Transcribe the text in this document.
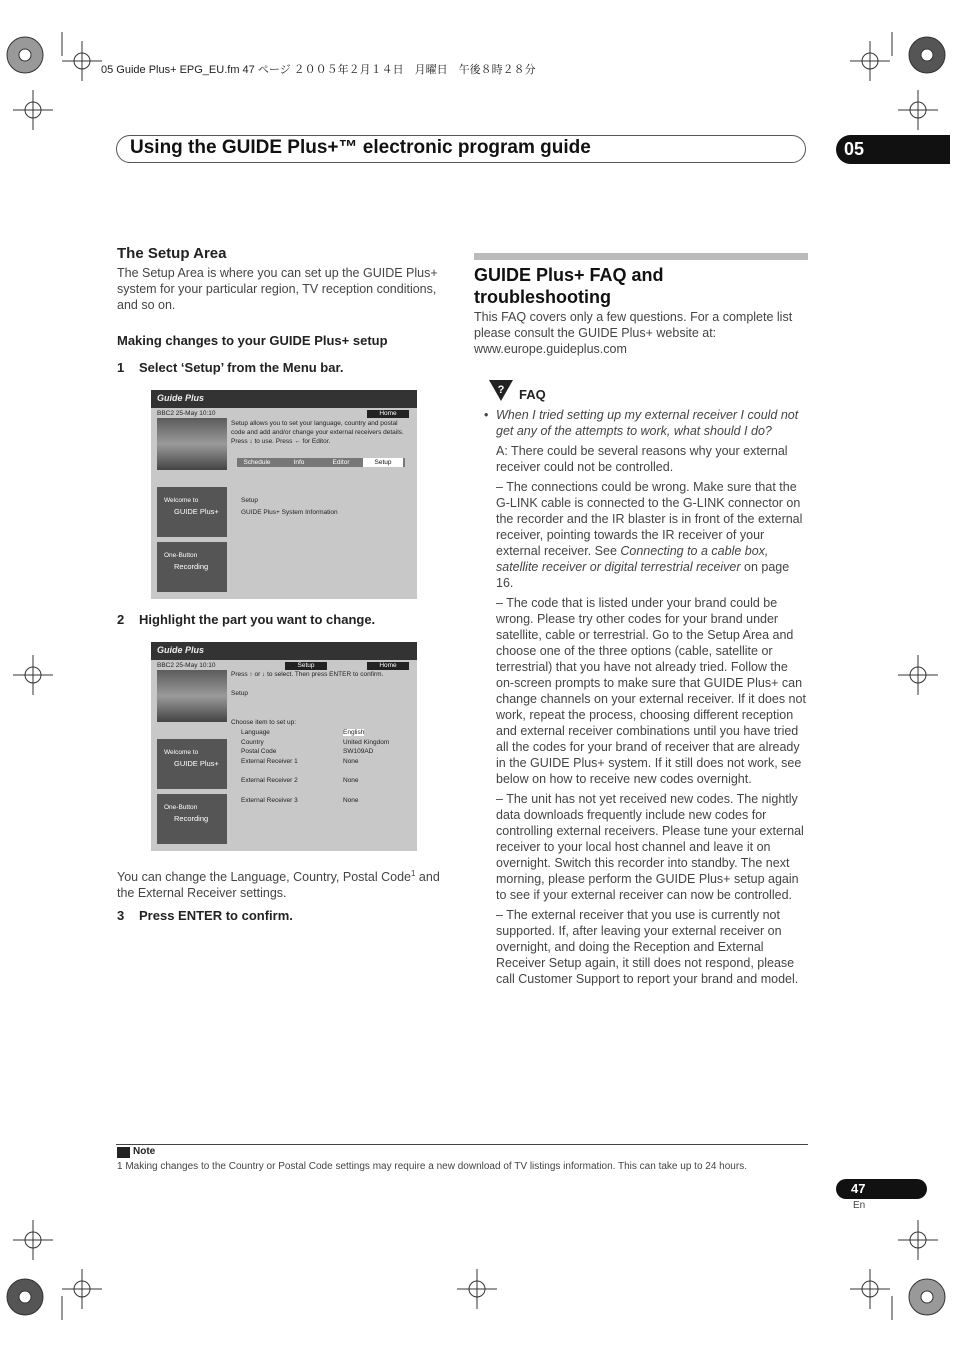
05 Guide Plus+ EPG_EU.fm 47 ページ ２００５年２月１４日　月曜日　午後８時２８分
Using the GUIDE Plus+™ electronic program guide	05
The Setup Area
The Setup Area is where you can set up the GUIDE Plus+ system for your particular region, TV reception conditions, and so on.
Making changes to your GUIDE Plus+ setup
1 Select ‘Setup’ from the Menu bar.
Guide Plus
BBC2 25-May 10:10	Home
Setup allows you to set your language, country and postal code and add and/or change your external receivers details. Press ↓ to use. Press ← for Editor.
Schedule	Info	Editor	Setup
Welcome to
GUIDE Plus+
One-Button
Recording
Setup
GUIDE Plus+ System Information
2 Highlight the part you want to change.
Guide Plus
BBC2 25-May 10:10	Setup	Home
Press ↑ or ↓ to select. Then press ENTER to confirm.
Setup
Choose item to set up:
Language	English
Country	United Kingdom
Postal Code	SW109AD
External Receiver 1	None
External Receiver 2	None
External Receiver 3	None
Welcome to
GUIDE Plus+
One-Button
Recording
You can change the Language, Country, Postal Code$^1$ and the External Receiver settings.
3 Press ENTER to confirm.
GUIDE Plus+ FAQ and troubleshooting
This FAQ covers only a few questions. For a complete list please consult the GUIDE Plus+ website at: www.europe.guideplus.com
? FAQ

• When I tried setting up my external receiver I could not get any of the attempts to work, what should I do?

A: There could be several reasons why your external receiver could not be controlled.

– The connections could be wrong. Make sure that the G-LINK cable is connected to the G-LINK connector on the recorder and the IR blaster is in front of the external receiver, pointing towards the IR receiver of your external receiver. See Connecting to a cable box, satellite receiver or digital terrestrial receiver on page 16.

– The code that is listed under your brand could be wrong. Please try other codes for your brand under satellite, cable or terrestrial. Go to the Setup Area and choose one of the three options (cable, satellite or terrestrial) that you have not already tried. Follow the on-screen prompts to make sure that GUIDE Plus+ can change channels on your external receiver. If it does not work, repeat the process, choosing different reception and external receiver combinations until you have tried all the codes for your brand of receiver that are already in the GUIDE Plus+ system. If it still does not work, see below on how to receive new codes overnight.

– The unit has not yet received new codes. The nightly data downloads frequently include new codes for controlling external receivers. Please tune your external receiver to your local host channel and leave it on overnight. Switch this recorder into standby. The next morning, please perform the GUIDE Plus+ setup again to see if your external receiver can now be controlled.

– The external receiver that you use is currently not supported. If, after leaving your external receiver on overnight, and doing the Reception and External Receiver Setup again, it still does not respond, please call Customer Support to report your brand and model.

Note
1 Making changes to the Country or Postal Code settings may require a new download of TV listings information. This can take up to 24 hours.
47
En
